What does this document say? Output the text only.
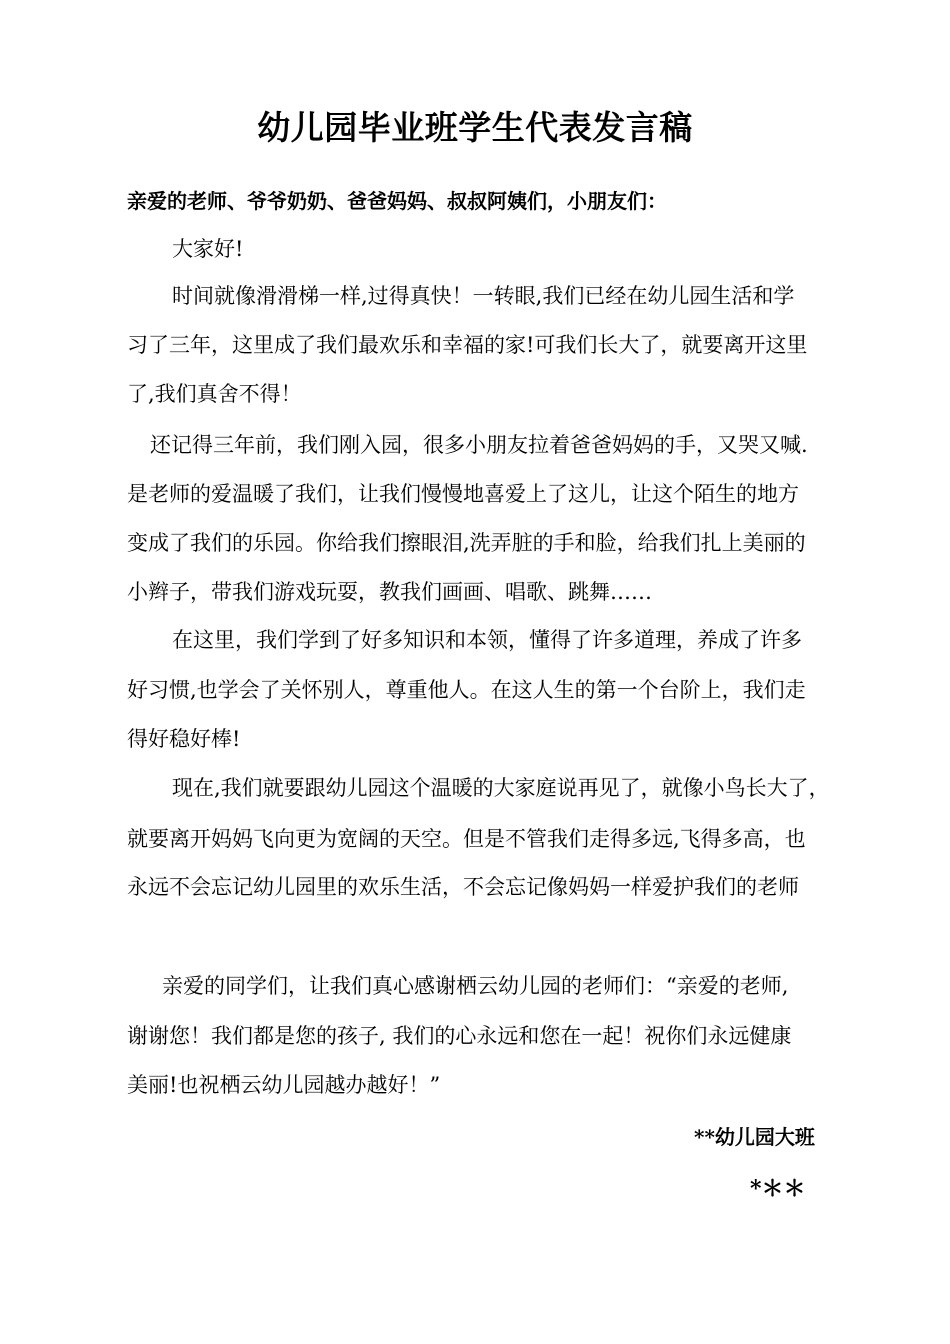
幼儿园毕业班学生代表发言稿
亲爱的老师、爷爷奶奶、爸爸妈妈、叔叔阿姨们，小朋友们：
大家好!
时间就像滑滑梯一样,过得真快！一转眼,我们已经在幼儿园生活和学
习了三年，这里成了我们最欢乐和幸福的家!可我们长大了，就要离开这里
了,我们真舍不得！
还记得三年前，我们刚入园，很多小朋友拉着爸爸妈妈的手，又哭又喊.
是老师的爱温暖了我们，让我们慢慢地喜爱上了这儿，让这个陌生的地方
变成了我们的乐园。你给我们擦眼泪,洗弄脏的手和脸，给我们扎上美丽的
小辫子，带我们游戏玩耍，教我们画画、唱歌、跳舞……
在这里，我们学到了好多知识和本领，懂得了许多道理，养成了许多
好习惯,也学会了关怀别人，尊重他人。在这人生的第一个台阶上，我们走
得好稳好棒!
现在,我们就要跟幼儿园这个温暖的大家庭说再见了，就像小鸟长大了，
就要离开妈妈飞向更为宽阔的天空。但是不管我们走得多远,飞得多高，也
永远不会忘记幼儿园里的欢乐生活，不会忘记像妈妈一样爱护我们的老师
亲爱的同学们，让我们真心感谢栖云幼儿园的老师们：“亲爱的老师,
谢谢您！我们都是您的孩子, 我们的心永远和您在一起！祝你们永远健康
美丽!也祝栖云幼儿园越办越好！”
**幼儿园大班
*＊＊
